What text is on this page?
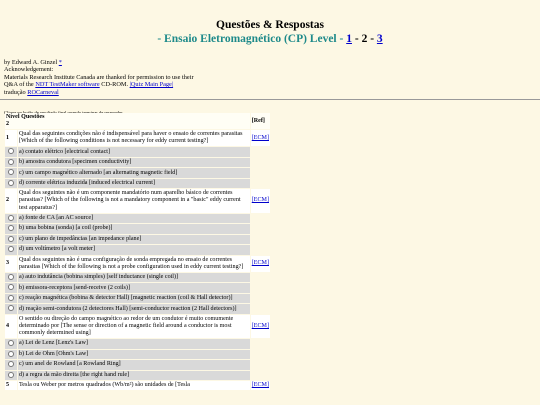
Questões & Respostas
- Ensaio Eletromagnético (CP) Level - 1 - 2 - 3
by Edward A. Ginzel *
Acknowledgement:
Materials Research Institute Canada are thanked for permission to use their
Q&A of the NDT TestMaker software CD-ROM. |Quiz Main Page|
tradução ROCarneval
Nível Questões
2		[Ref]
1	Qual das seguintes condições não é indispensável para haver o ensaio de correntes parasitas [Which of the following conditions is not necessary for eddy current testing?]	[ECM]
	a) contato elétrico [electrical contact]	
	b) amostra condutora [specimen conductivity]	
	c) um campo magnético alternado [an alternating magnetic field]	
	d) corrente elétrica induzida [induced electrical current]	
2	Qual dos seguintes não é um componente mandatório num aparelho básico de correntes parasitas? [Which of the following is not a mandatory component in a "basic" eddy current test apparatus?]	[ECM]
	a) fonte de CA [an AC source]	
	b) uma bobina (sonda) [a coil (probe)]	
	c) um plano de impedâncias [an impedance plane]	
	d) um voltímetro [a volt meter]	
3	Qual dos seguintes não é uma configuração de sonda empregada no ensaio de correntes parasitas [Which of the following is not a probe configuration used in eddy current testing?]	[ECM]
	a) auto indutância (bobina simples) [self inductance (single coil)]	
	b) emissora-receptora [send-receive (2 coils)]	
	c) reação magnética (bobina & detector Hall) [magnetic reaction (coil & Hall detector)]	
	d) reação semi-condutora (2 detectores Hall) [semi-conductor reaction (2 Hall detectors)]	
4	O sentido ou direção do campo magnético ao redor de um condutor é muito comumente determinado por [The sense or direction of a magnetic field around a conductor is most commonly determined using]	[ECM]
	a) Lei de Lenz [Lenz's Law]	
	b) Lei de Ohm [Ohm's Law]	
	c) um anel de Rowland [a Rowland Ring]	
	d) a regra da mão direita [the right hand rule]	
5	Tesla ou Weber por metros quadrados (Wb/m²) são unidades de [Tesla	[ECM]
